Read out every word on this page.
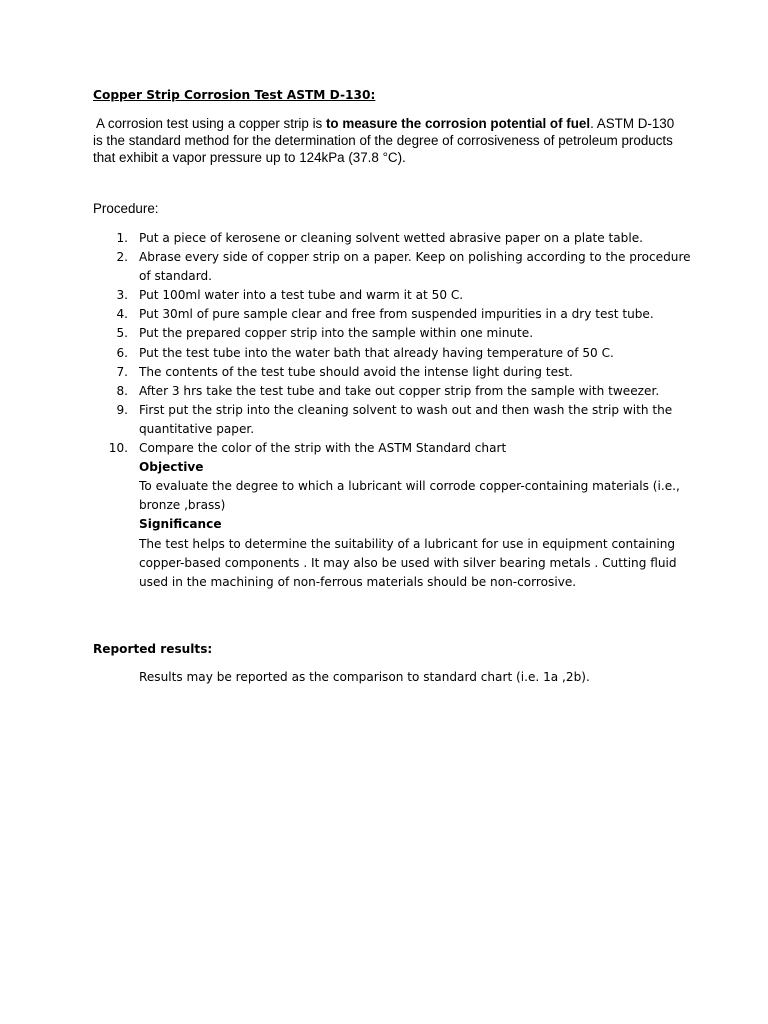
Copper Strip Corrosion Test ASTM D-130:
A corrosion test using a copper strip is to measure the corrosion potential of fuel. ASTM D-130 is the standard method for the determination of the degree of corrosiveness of petroleum products that exhibit a vapor pressure up to 124kPa (37.8 °C).
Procedure:
1. Put a piece of kerosene or cleaning solvent wetted abrasive paper on a plate table.
2. Abrase every side of copper strip on a paper. Keep on polishing according to the procedure of standard.
3. Put 100ml water into a test tube and warm it at 50 C.
4. Put 30ml of pure sample clear and free from suspended impurities in a dry test tube.
5. Put the prepared copper strip into the sample within one minute.
6. Put the test tube into the water bath that already having temperature of 50 C.
7. The contents of the test tube should avoid the intense light during test.
8. After 3 hrs take the test tube and take out copper strip from the sample with tweezer.
9. First put the strip into the cleaning solvent to wash out and then wash the strip with the quantitative paper.
10. Compare the color of the strip with the ASTM Standard chart
Objective
To evaluate the degree to which a lubricant will corrode copper-containing materials (i.e., bronze ,brass)
Significance
The test helps to determine the suitability of a lubricant for use in equipment containing copper-based components . It may also be used with silver bearing metals . Cutting fluid used in the machining of non-ferrous materials should be non-corrosive.
Reported results:
Results may be reported as the comparison to standard chart (i.e. 1a ,2b).
